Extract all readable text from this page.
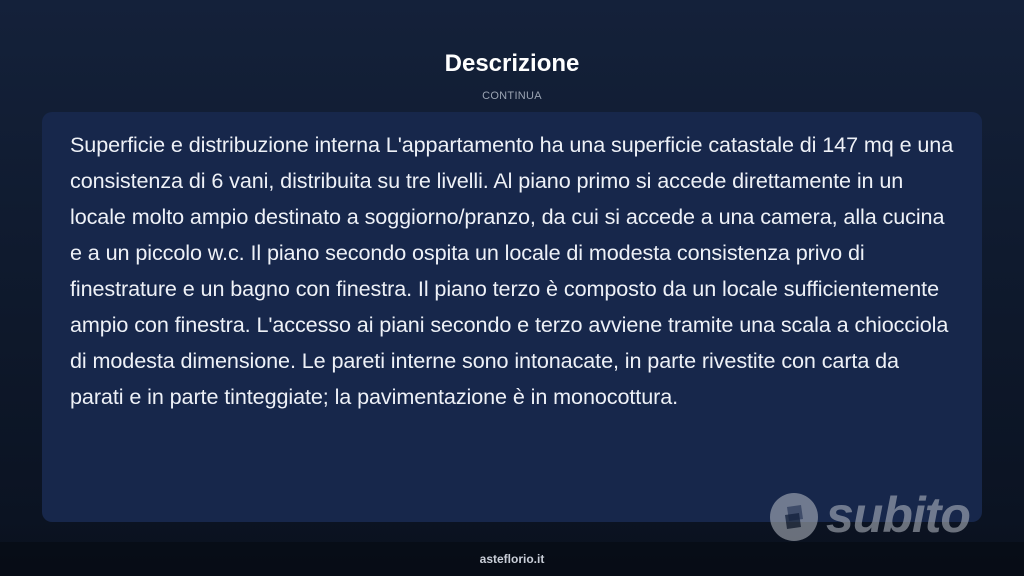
Descrizione
CONTINUA

Superficie e distribuzione interna L'appartamento ha una superficie catastale di 147 mq e una consistenza di 6 vani, distribuita su tre livelli. Al piano primo si accede direttamente in un locale molto ampio destinato a soggiorno/pranzo, da cui si accede a una camera, alla cucina e a un piccolo w.c. Il piano secondo ospita un locale di modesta consistenza privo di finestrature e un bagno con finestra. Il piano terzo è composto da un locale sufficientemente ampio con finestra. L'accesso ai piani secondo e terzo avviene tramite una scala a chiocciola di modesta dimensione. Le pareti interne sono intonacate, in parte rivestite con carta da parati e in parte tinteggiate; la pavimentazione è in monocottura.

asteflorio.it
subito
